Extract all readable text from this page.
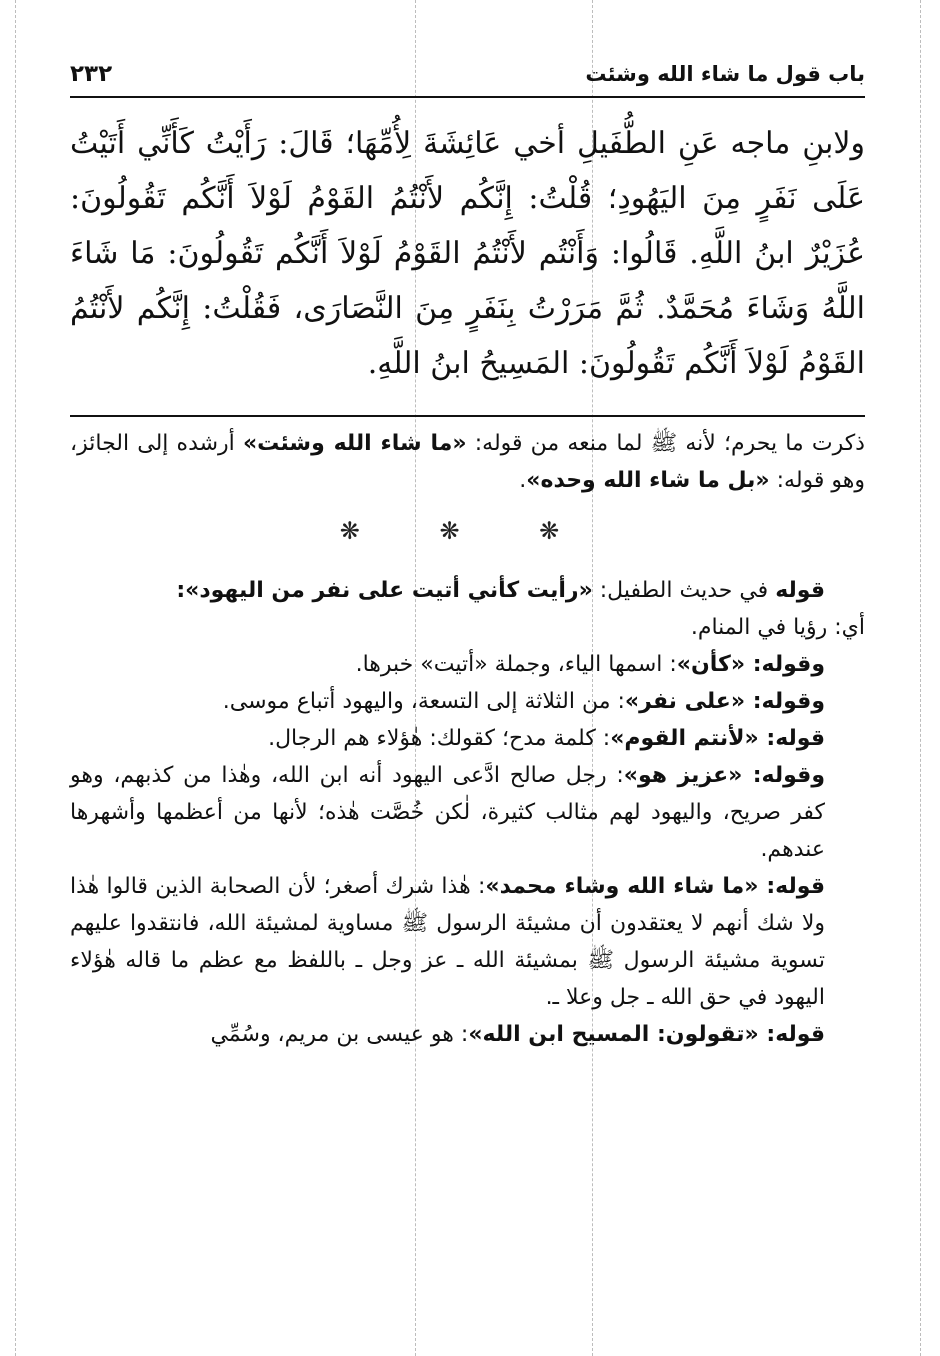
باب قول ما شاء الله وشئت
٢٣٢

ولابنِ ماجه عَنِ الطُّفَيلِ أخي عَائِشَةَ لِأُمِّهَا؛ قَالَ: رَأَيْتُ كَأَنِّي أَتَيْتُ عَلَى نَفَرٍ مِنَ اليَهُودِ؛ قُلْتُ: إِنَّكُم لأَنْتُمُ القَوْمُ لَوْلاَ أَنَّكُم تَقُولُونَ: عُزَيْرٌ ابنُ اللَّهِ. قَالُوا: وَأَنْتُم لأَنْتُمُ القَوْمُ لَوْلاَ أَنَّكُم تَقُولُونَ: مَا شَاءَ اللَّهُ وَشَاءَ مُحَمَّدٌ. ثُمَّ مَرَرْتُ بِنَفَرٍ مِنَ النَّصَارَى، فَقُلْتُ: إِنَّكُم لأَنْتُمُ القَوْمُ لَوْلاَ أَنَّكُم تَقُولُونَ: المَسِيحُ ابنُ اللَّهِ.

ذكرت ما يحرم؛ لأنه ﷺ لما منعه من قوله: «ما شاء الله وشئت» أرشده إلى الجائز، وهو قوله: «بل ما شاء الله وحده».

❋ ❋ ❋

قوله في حديث الطفيل: «رأيت كأني أتيت على نفر من اليهود»:

أي: رؤيا في المنام.

وقوله: «كأن»: اسمها الياء، وجملة «أتيت» خبرها.

وقوله: «على نفر»: من الثلاثة إلى التسعة، واليهود أتباع موسى.

قوله: «لأنتم القوم»: كلمة مدح؛ كقولك: هٰؤلاء هم الرجال.

وقوله: «عزيز هو»: رجل صالح ادَّعى اليهود أنه ابن الله، وهٰذا من كذبهم، وهو كفر صريح، واليهود لهم مثالب كثيرة، لٰكن خُصَّت هٰذه؛ لأنها من أعظمها وأشهرها عندهم.

قوله: «ما شاء الله وشاء محمد»: هٰذا شرك أصغر؛ لأن الصحابة الذين قالوا هٰذا ولا شك أنهم لا يعتقدون أن مشيئة الرسول ﷺ مساوية لمشيئة الله، فانتقدوا عليهم تسوية مشيئة الرسول ﷺ بمشيئة الله ـ عز وجل ـ باللفظ مع عظم ما قاله هٰؤلاء اليهود في حق الله ـ جل وعلا ـ.

قوله: «تقولون: المسيح ابن الله»: هو عيسى بن مريم، وسُمِّي
